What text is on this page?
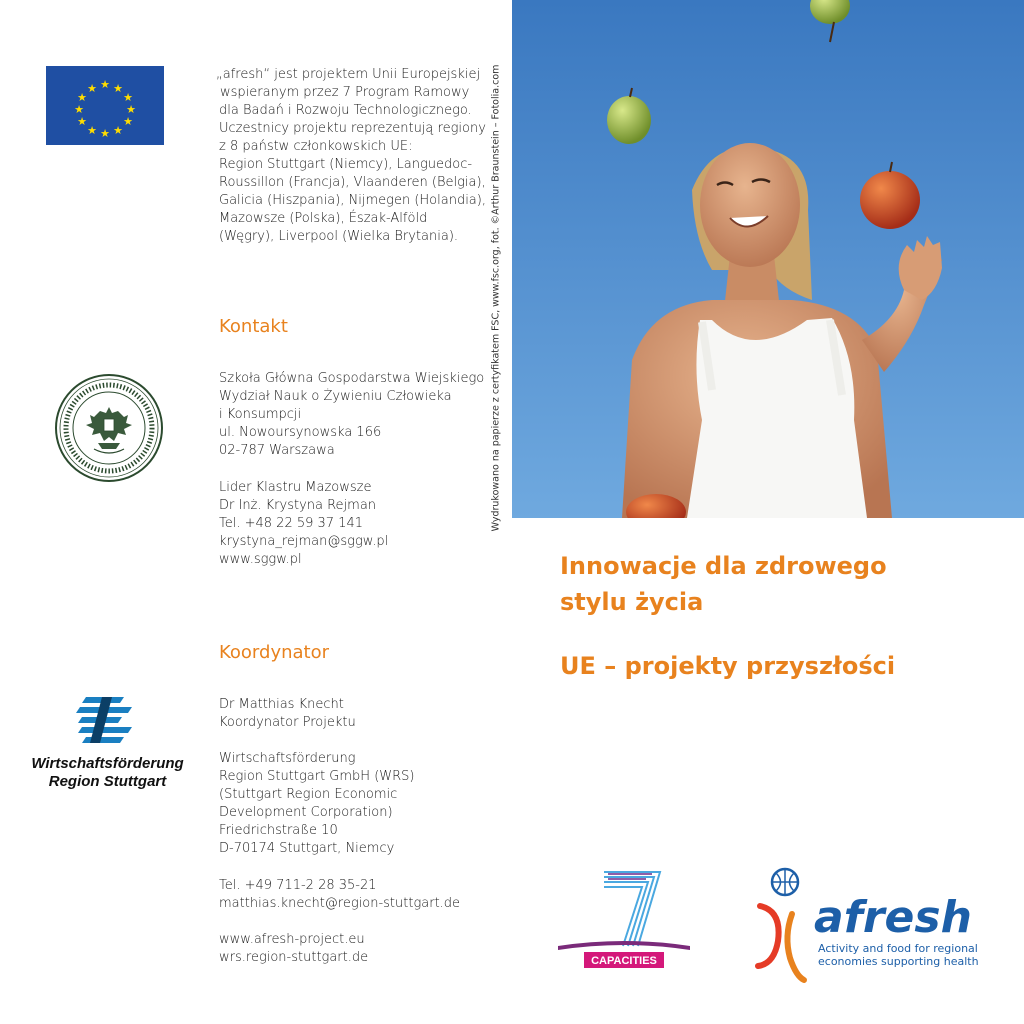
★ ★
★
★
★
★
★
★
★
★
★
★
„afresh“ jest projektem Unii Europejskiej
wspieranym przez 7 Program Ramowy
dla Badań i Rozwoju Technologicznego.
Uczestnicy projektu reprezentują regiony
z 8 państw członkowskich UE:
Region Stuttgart (Niemcy), Languedoc-
Roussillon (Francja), Vlaanderen (Belgia),
Galicia (Hiszpania), Nijmegen (Holandia),
Mazowsze (Polska), Észak-Alföld
(Węgry), Liverpool (Wielka Brytania).
Kontakt
Szkoła Główna Gospodarstwa Wiejskiego
Wydział Nauk o Żywieniu Człowieka
i Konsumpcji
ul. Nowoursynowska 166
02-787 Warszawa
Lider Klastru Mazowsze
Dr Inż. Krystyna Rejman
Tel. +48 22 59 37 141
krystyna_rejman@sggw.pl
www.sggw.pl
Koordynator
Wirtschaftsförderung
Region Stuttgart
Dr Matthias Knecht
Koordynator Projektu
Wirtschaftsförderung
Region Stuttgart GmbH (WRS)
(Stuttgart Region Economic
Development Corporation)
Friedrichstraße 10
D-70174 Stuttgart, Niemcy
Tel. +49 711-2 28 35-21
matthias.knecht@region-stuttgart.de
www.afresh-project.eu
wrs.region-stuttgart.de
Wydrukowano na papierze z certyfikatem FSC, www.fsc.org, fot. ©Arthur Braunstein – Fotolia.com
Innowacje dla zdrowego
stylu życia
UE – projekty przyszłości
CAPACITIES
afresh
Activity and food for regional
economies supporting health
